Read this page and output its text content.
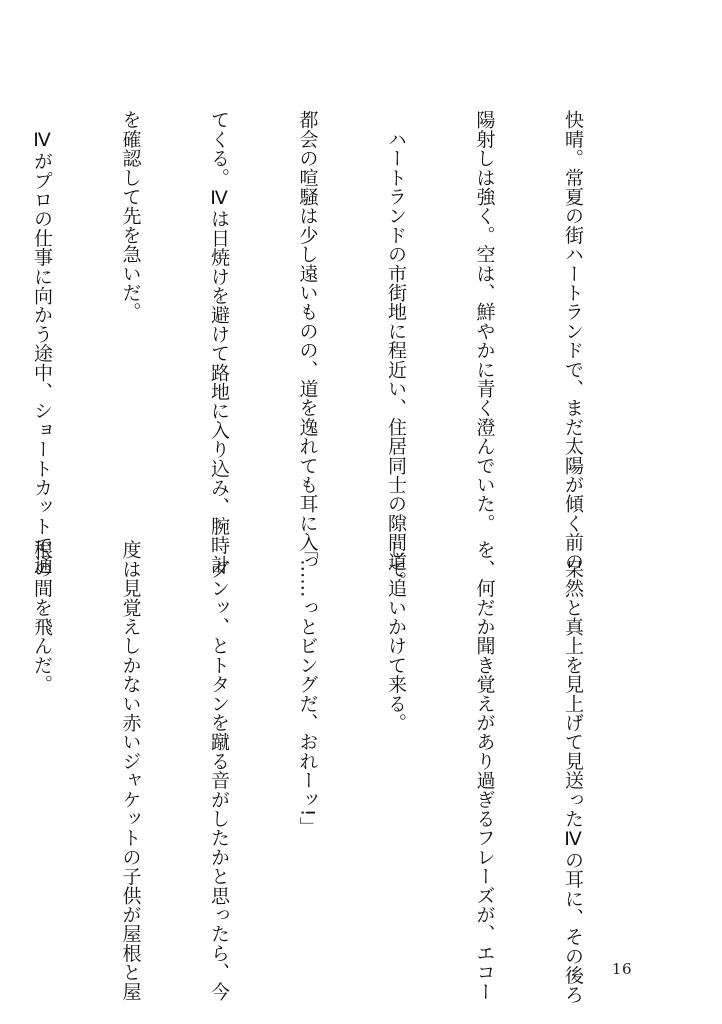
快晴。常夏の街ハートランドで、まだ太陽が傾く前の

陽射しは強く。空は、鮮やかに青く澄んでいた。

　ハートランドの市街地に程近い、住居同士の隙間道。

都会の喧騒は少し遠いものの、道を逸れても耳に入っ

てくる。Ⅳは日焼けを避けて路地に入り込み、腕時計

を確認して先を急いだ。

　Ⅳがプロの仕事に向かう途中、ショートカットで通

　呆然と真上を見上げて見送ったⅣの耳に、その後ろ

を、何だか聞き覚えがあり過ぎるフレーズが、エコー

して追いかけて来る。

「……っとビングだ、おれーッ!」

　ダンッ、とトタンを蹴る音がしたかと思ったら、今

度は見覚えしかない赤いジャケットの子供が屋根と屋

根の間を飛んだ。

16
